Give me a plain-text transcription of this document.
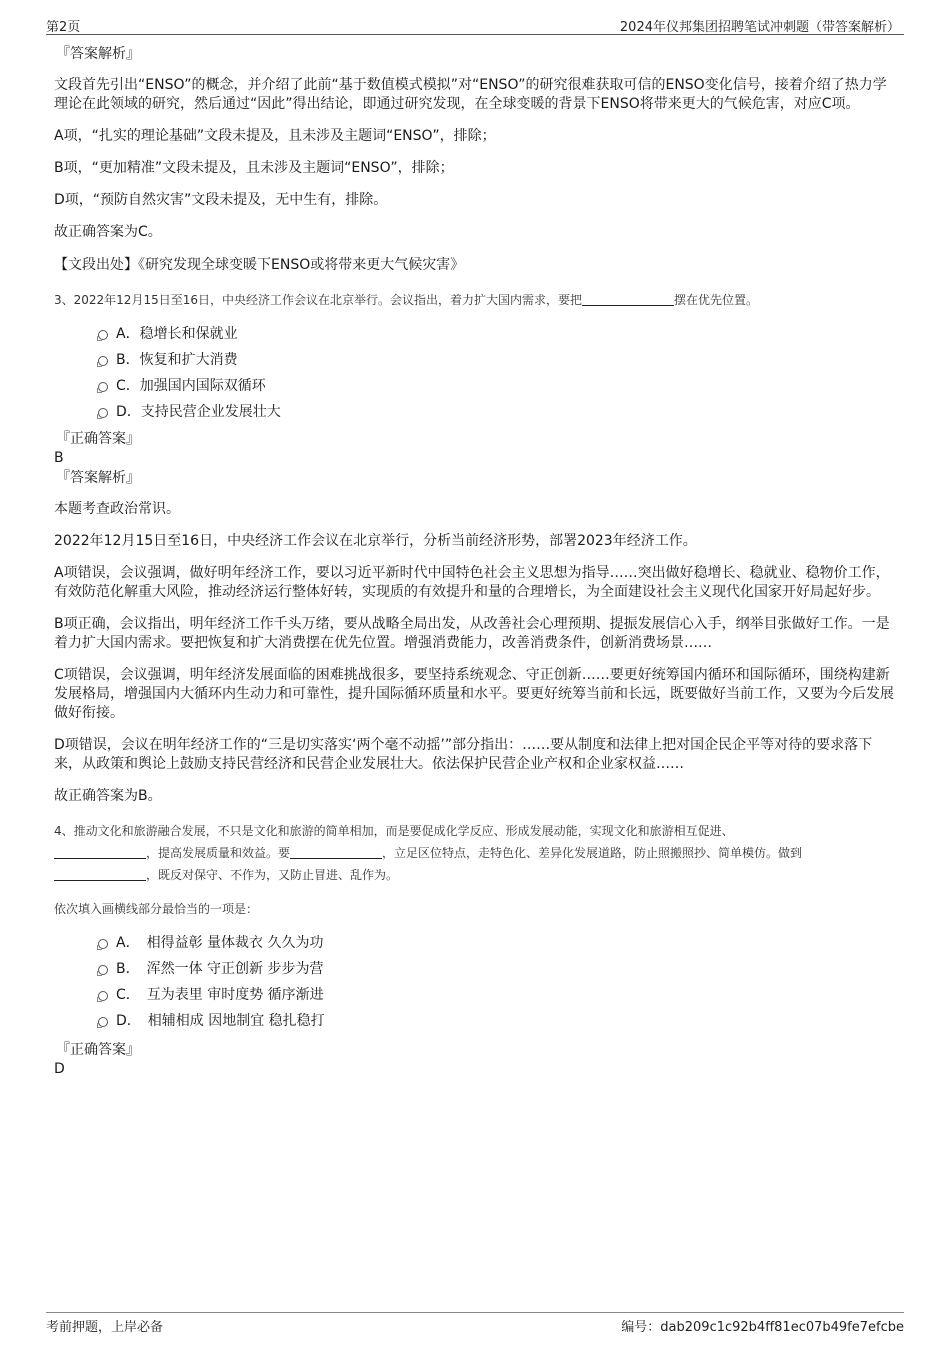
第2页	2024年仪邦集团招聘笔试冲刺题（带答案解析）

『答案解析』

文段首先引出“ENSO”的概念，并介绍了此前“基于数值模式模拟”对“ENSO”的研究很难获取可信的ENSO变化信号，接着介绍了热力学理论在此领域的研究，然后通过“因此”得出结论，即通过研究发现，在全球变暖的背景下ENSO将带来更大的气候危害，对应C项。

A项，“扎实的理论基础”文段未提及，且未涉及主题词“ENSO”，排除；

B项，“更加精准”文段未提及，且未涉及主题词“ENSO”，排除；

D项，“预防自然灾害”文段未提及，无中生有，排除。

故正确答案为C。

【文段出处】《研究发现全球变暖下ENSO或将带来更大气候灾害》

3、2022年12月15日至16日，中央经济工作会议在北京举行。会议指出，着力扩大国内需求，要把	摆在优先位置。

A．稳增长和保就业
B．恢复和扩大消费
C．加强国内国际双循环
D．支持民营企业发展壮大

『正确答案』

B

『答案解析』

本题考查政治常识。

2022年12月15日至16日，中央经济工作会议在北京举行，分析当前经济形势，部署2023年经济工作。

A项错误，会议强调，做好明年经济工作，要以习近平新时代中国特色社会主义思想为指导……突出做好稳增长、稳就业、稳物价工作，有效防范化解重大风险，推动经济运行整体好转，实现质的有效提升和量的合理增长，为全面建设社会主义现代化国家开好局起好步。

B项正确，会议指出，明年经济工作千头万绪，要从战略全局出发，从改善社会心理预期、提振发展信心入手，纲举目张做好工作。一是着力扩大国内需求。要把恢复和扩大消费摆在优先位置。增强消费能力，改善消费条件，创新消费场景……

C项错误，会议强调，明年经济发展面临的困难挑战很多，要坚持系统观念、守正创新……要更好统筹国内循环和国际循环，围绕构建新发展格局，增强国内大循环内生动力和可靠性，提升国际循环质量和水平。要更好统筹当前和长远，既要做好当前工作，又要为今后发展做好衔接。

D项错误，会议在明年经济工作的“三是切实落实‘两个毫不动摇’”部分指出：……要从制度和法律上把对国企民企平等对待的要求落下来，从政策和舆论上鼓励支持民营经济和民营企业发展壮大。依法保护民营企业产权和企业家权益……

故正确答案为B。

4、推动文化和旅游融合发展，不只是文化和旅游的简单相加，而是要促成化学反应、形成发展动能，实现文化和旅游相互促进、
，提高发展质量和效益。要	，立足区位特点，走特色化、差异化发展道路，防止照搬照抄、简单模仿。做到
，既反对保守、不作为，又防止冒进、乱作为。

依次填入画横线部分最恰当的一项是：

A．　相得益彰 量体裁衣 久久为功
B．　浑然一体 守正创新 步步为营
C．　互为表里 审时度势 循序渐进
D．　相辅相成 因地制宜 稳扎稳打

『正确答案』

D

考前押题，上岸必备	编号：dab209c1c92b4ff81ec07b49fe7efcbe
